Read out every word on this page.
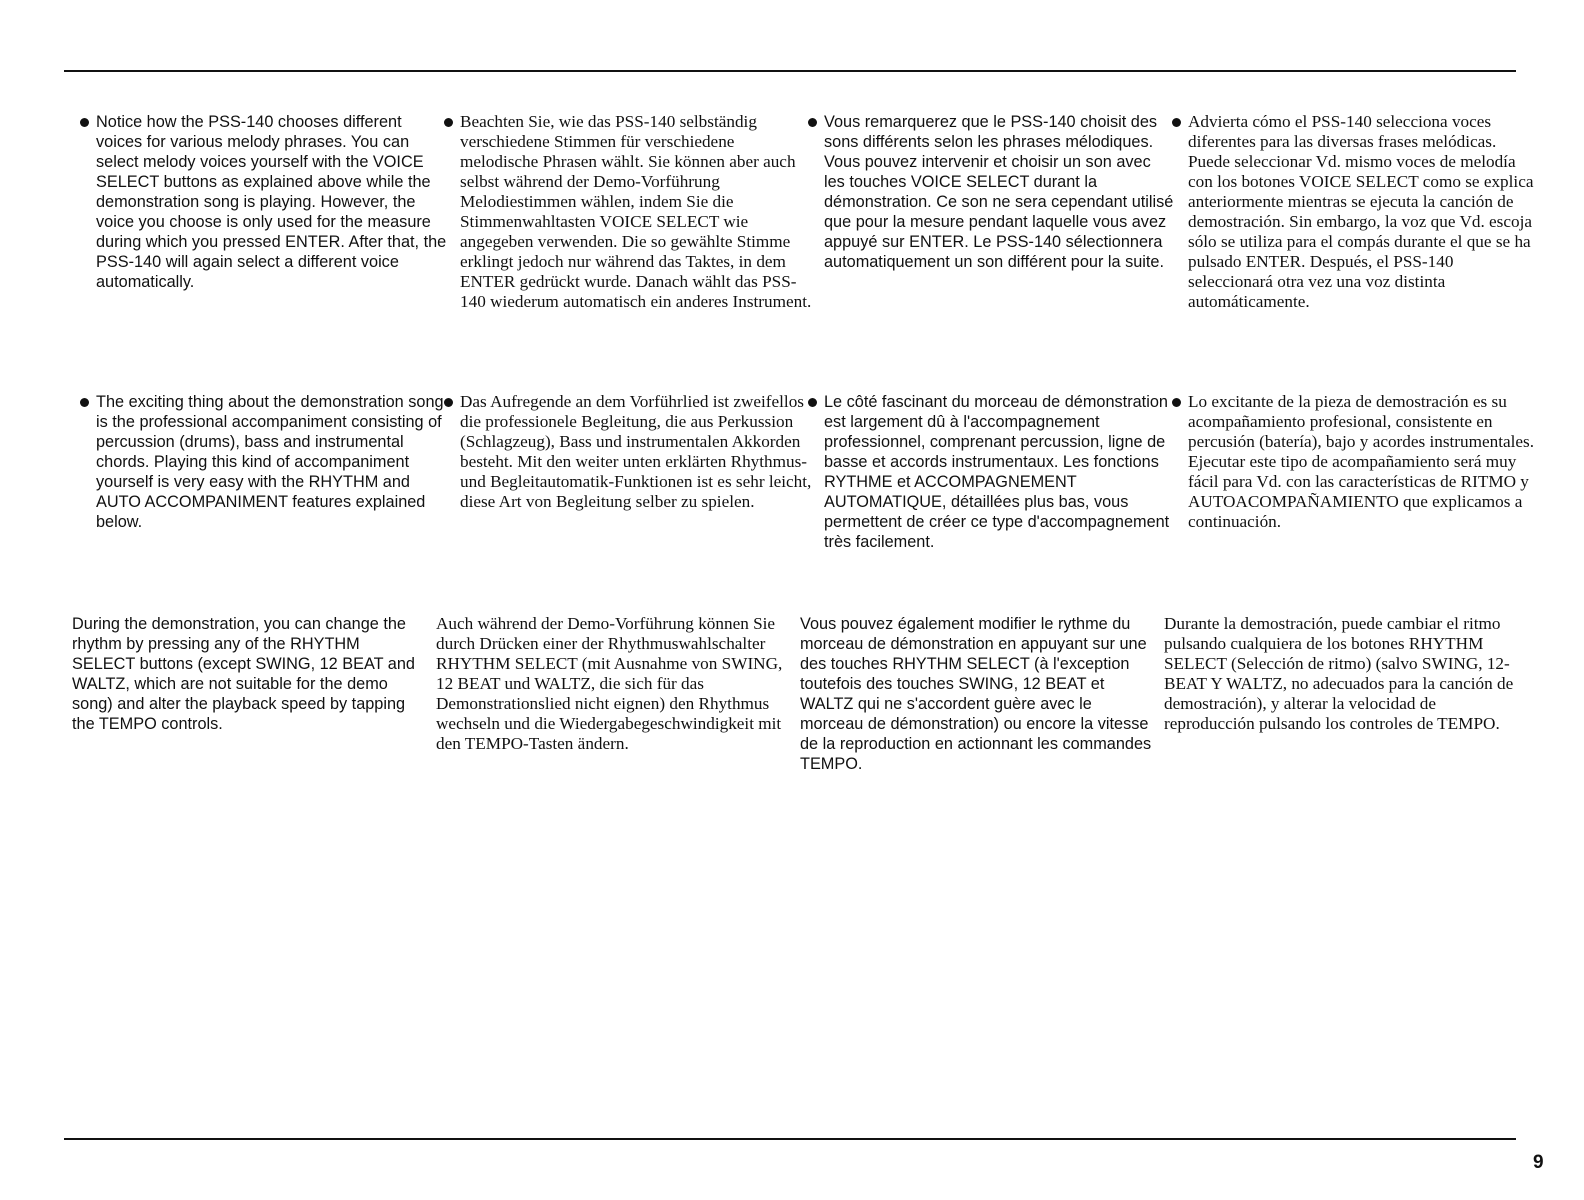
Notice how the PSS-140 chooses different voices for various melody phrases. You can select melody voices yourself with the VOICE SELECT buttons as explained above while the demonstration song is playing. However, the voice you choose is only used for the measure during which you pressed ENTER. After that, the PSS-140 will again select a different voice automatically.
The exciting thing about the demonstration song is the professional accompaniment consisting of percussion (drums), bass and instrumental chords. Playing this kind of accompaniment yourself is very easy with the RHYTHM and AUTO ACCOMPANIMENT features explained below.

During the demonstration, you can change the rhythm by pressing any of the RHYTHM SELECT buttons (except SWING, 12 BEAT and WALTZ, which are not suitable for the demo song) and alter the playback speed by tapping the TEMPO controls.

Beachten Sie, wie das PSS-140 selbständig verschiedene Stimmen für verschiedene melodische Phrasen wählt. Sie können aber auch selbst während der Demo-Vorführung Melodiestimmen wählen, indem Sie die Stimmenwahltasten VOICE SELECT wie angegeben verwenden. Die so gewählte Stimme erklingt jedoch nur während das Taktes, in dem ENTER gedrückt wurde. Danach wählt das PSS-140 wiederum automatisch ein anderes Instrument.
Das Aufregende an dem Vorführlied ist zweifellos die professionele Begleitung, die aus Perkussion (Schlagzeug), Bass und instrumentalen Akkorden besteht. Mit den weiter unten erklärten Rhythmus- und Begleitautomatik-Funktionen ist es sehr leicht, diese Art von Begleitung selber zu spielen.

Auch während der Demo-Vorführung können Sie durch Drücken einer der Rhythmuswahlschalter RHYTHM SELECT (mit Ausnahme von SWING, 12 BEAT und WALTZ, die sich für das Demonstrationslied nicht eignen) den Rhythmus wechseln und die Wiedergabegeschwindigkeit mit den TEMPO-Tasten ändern.

Vous remarquerez que le PSS-140 choisit des sons différents selon les phrases mélodiques. Vous pouvez intervenir et choisir un son avec les touches VOICE SELECT durant la démonstration. Ce son ne sera cependant utilisé que pour la mesure pendant laquelle vous avez appuyé sur ENTER. Le PSS-140 sélectionnera automatiquement un son différent pour la suite.
Le côté fascinant du morceau de démonstration est largement dû à l'accompagnement professionnel, comprenant percussion, ligne de basse et accords instrumentaux. Les fonctions RYTHME et ACCOMPAGNEMENT AUTOMATIQUE, détaillées plus bas, vous permettent de créer ce type d'accompagnement très facilement.

Vous pouvez également modifier le rythme du morceau de démonstration en appuyant sur une des touches RHYTHM SELECT (à l'exception toutefois des touches SWING, 12 BEAT et WALTZ qui ne s'accordent guère avec le morceau de démonstration) ou encore la vitesse de la reproduction en actionnant les commandes TEMPO.

Advierta cómo el PSS-140 selecciona voces diferentes para las diversas frases melódicas. Puede seleccionar Vd. mismo voces de melodía con los botones VOICE SELECT como se explica anteriormente mientras se ejecuta la canción de demostración. Sin embargo, la voz que Vd. escoja sólo se utiliza para el compás durante el que se ha pulsado ENTER. Después, el PSS-140 seleccionará otra vez una voz distinta automáticamente.
Lo excitante de la pieza de demostración es su acompañamiento profesional, consistente en percusión (batería), bajo y acordes instrumentales. Ejecutar este tipo de acompañamiento será muy fácil para Vd. con las características de RITMO y AUTOACOMPAÑAMIENTO que explicamos a continuación.

Durante la demostración, puede cambiar el ritmo pulsando cualquiera de los botones RHYTHM SELECT (Selección de ritmo) (salvo SWING, 12-BEAT Y WALTZ, no adecuados para la canción de demostración), y alterar la velocidad de reproducción pulsando los controles de TEMPO.

9
